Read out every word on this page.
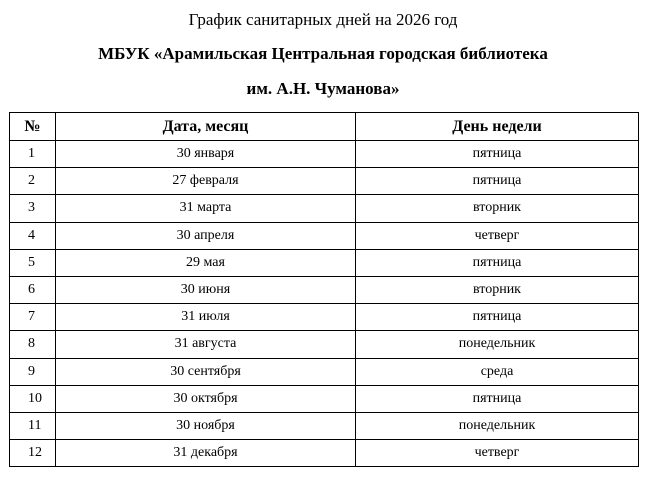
График санитарных дней на 2026 год

МБУК «Арамильская Центральная городская библиотека

им. А.Н. Чуманова»

№	Дата, месяц	День недели
1	30 января	пятница
2	27 февраля	пятница
3	31 марта	вторник
4	30 апреля	четверг
5	29 мая	пятница
6	30 июня	вторник
7	31 июля	пятница
8	31 августа	понедельник
9	30 сентября	среда
10	30 октября	пятница
11	30 ноября	понедельник
12	31 декабря	четверг
